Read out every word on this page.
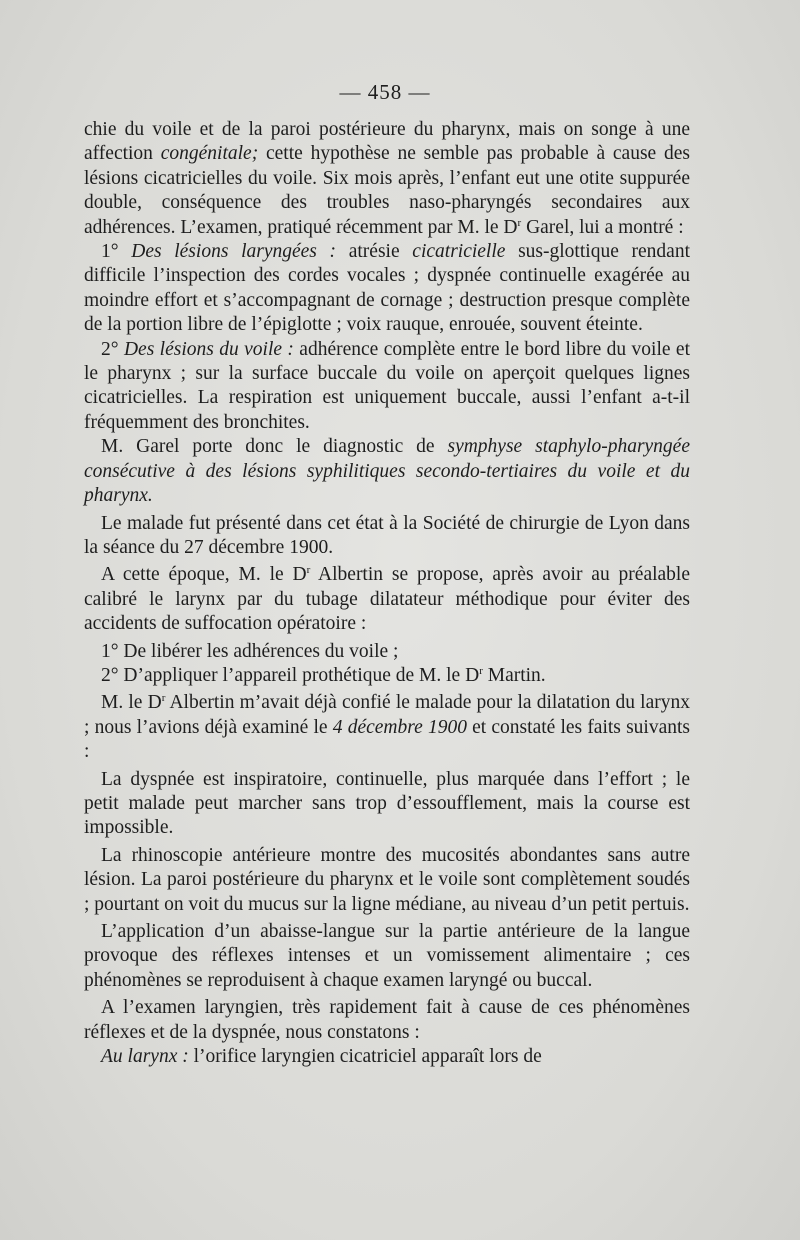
— 458 —

chie du voile et de la paroi postérieure du pharynx, mais on songe à une affection congénitale; cette hypothèse ne semble pas probable à cause des lésions cicatricielles du voile. Six mois après, l’enfant eut une otite suppurée double, conséquence des troubles naso-pharyngés secondaires aux adhérences. L’examen, pratiqué récemment par M. le $D^r$ Garel, lui a montré :

1° Des lésions laryngées : atrésie cicatricielle sus-glottique rendant difficile l’inspection des cordes vocales ; dyspnée continuelle exagérée au moindre effort et s’accompagnant de cornage ; destruction presque complète de la portion libre de l’épiglotte ; voix rauque, enrouée, souvent éteinte.

2° Des lésions du voile : adhérence complète entre le bord libre du voile et le pharynx ; sur la surface buccale du voile on aperçoit quelques lignes cicatricielles. La respiration est uniquement buccale, aussi l’enfant a-t-il fréquemment des bronchites.

M. Garel porte donc le diagnostic de symphyse staphylo-pharyngée consécutive à des lésions syphilitiques secondo-tertiaires du voile et du pharynx.

Le malade fut présenté dans cet état à la Société de chirurgie de Lyon dans la séance du 27 décembre 1900.

A cette époque, M. le $D^r$ Albertin se propose, après avoir au préalable calibré le larynx par du tubage dilatateur méthodique pour éviter des accidents de suffocation opératoire :

1° De libérer les adhérences du voile ;

2° D’appliquer l’appareil prothétique de M. le $D^r$ Martin.

M. le $D^r$ Albertin m’avait déjà confié le malade pour la dilatation du larynx ; nous l’avions déjà examiné le 4 décembre 1900 et constaté les faits suivants :

La dyspnée est inspiratoire, continuelle, plus marquée dans l’effort ; le petit malade peut marcher sans trop d’essoufflement, mais la course est impossible.

La rhinoscopie antérieure montre des mucosités abondantes sans autre lésion. La paroi postérieure du pharynx et le voile sont complètement soudés ; pourtant on voit du mucus sur la ligne médiane, au niveau d’un petit pertuis.

L’application d’un abaisse-langue sur la partie antérieure de la langue provoque des réflexes intenses et un vomissement alimentaire ; ces phénomènes se reproduisent à chaque examen laryngé ou buccal.

A l’examen laryngien, très rapidement fait à cause de ces phénomènes réflexes et de la dyspnée, nous constatons :

Au larynx : l’orifice laryngien cicatriciel apparaît lors de
